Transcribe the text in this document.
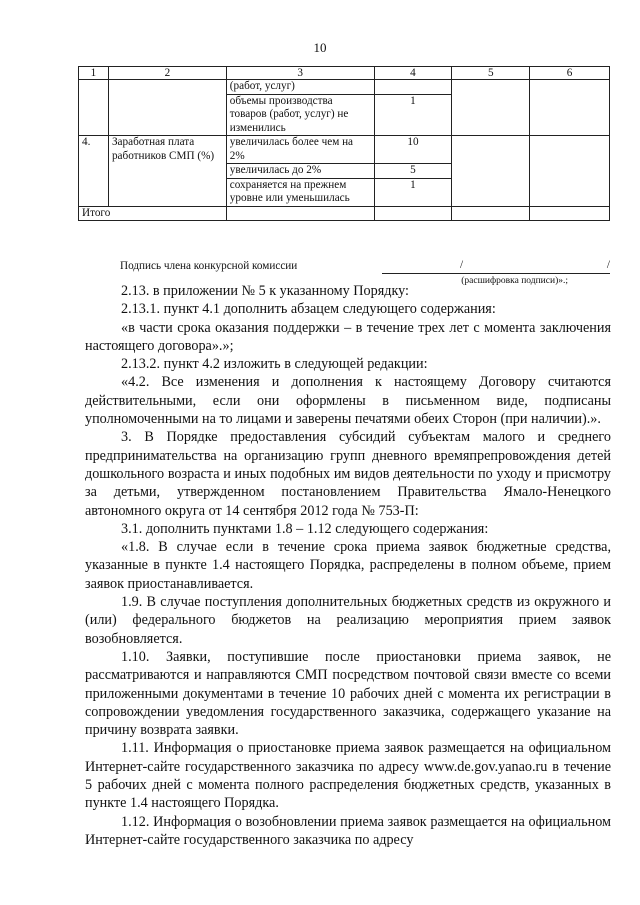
10
1	2	3	4	5	6
		(работ, услуг)			
		объемы производства товаров (работ, услуг) не изменились	1		
4.	Заработная плата работников СМП (%)	увеличилась более чем на 2%	10		
		увеличилась до 2%	5		
		сохраняется на прежнем уровне или уменьшилась	1		
Итого					
Подпись члена конкурсной комиссии	/	/
(расшифровка подписи)».;

2.13. в приложении № 5 к указанному Порядку:

2.13.1. пункт 4.1 дополнить абзацем следующего содержания:

«в части срока оказания поддержки – в течение трех лет с момента заключения настоящего договора».»;

2.13.2. пункт 4.2 изложить в следующей редакции:

«4.2. Все изменения и дополнения к настоящему Договору считаются действительными, если они оформлены в письменном виде, подписаны уполномоченными на то лицами и заверены печатями обеих Сторон (при наличии).».

3. В Порядке предоставления субсидий субъектам малого и среднего предпринимательства на организацию групп дневного времяпрепровождения детей дошкольного возраста и иных подобных им видов деятельности по уходу и присмотру за детьми, утвержденном постановлением Правительства Ямало-Ненецкого автономного округа от 14 сентября 2012 года № 753-П:

3.1. дополнить пунктами 1.8 – 1.12 следующего содержания:

«1.8. В случае если в течение срока приема заявок бюджетные средства, указанные в пункте 1.4 настоящего Порядка, распределены в полном объеме, прием заявок приостанавливается.

1.9. В случае поступления дополнительных бюджетных средств из окружного и (или) федерального бюджетов на реализацию мероприятия прием заявок возобновляется.

1.10. Заявки, поступившие после приостановки приема заявок, не рассматриваются и направляются СМП посредством почтовой связи вместе со всеми приложенными документами в течение 10 рабочих дней с момента их регистрации в сопровождении уведомления государственного заказчика, содержащего указание на причину возврата заявки.

1.11. Информация о приостановке приема заявок размещается на официальном Интернет-сайте государственного заказчика по адресу www.de.gov.yanao.ru в течение 5 рабочих дней с момента полного распределения бюджетных средств, указанных в пункте 1.4 настоящего Порядка.

1.12. Информация о возобновлении приема заявок размещается на официальном Интернет-сайте государственного заказчика по адресу
